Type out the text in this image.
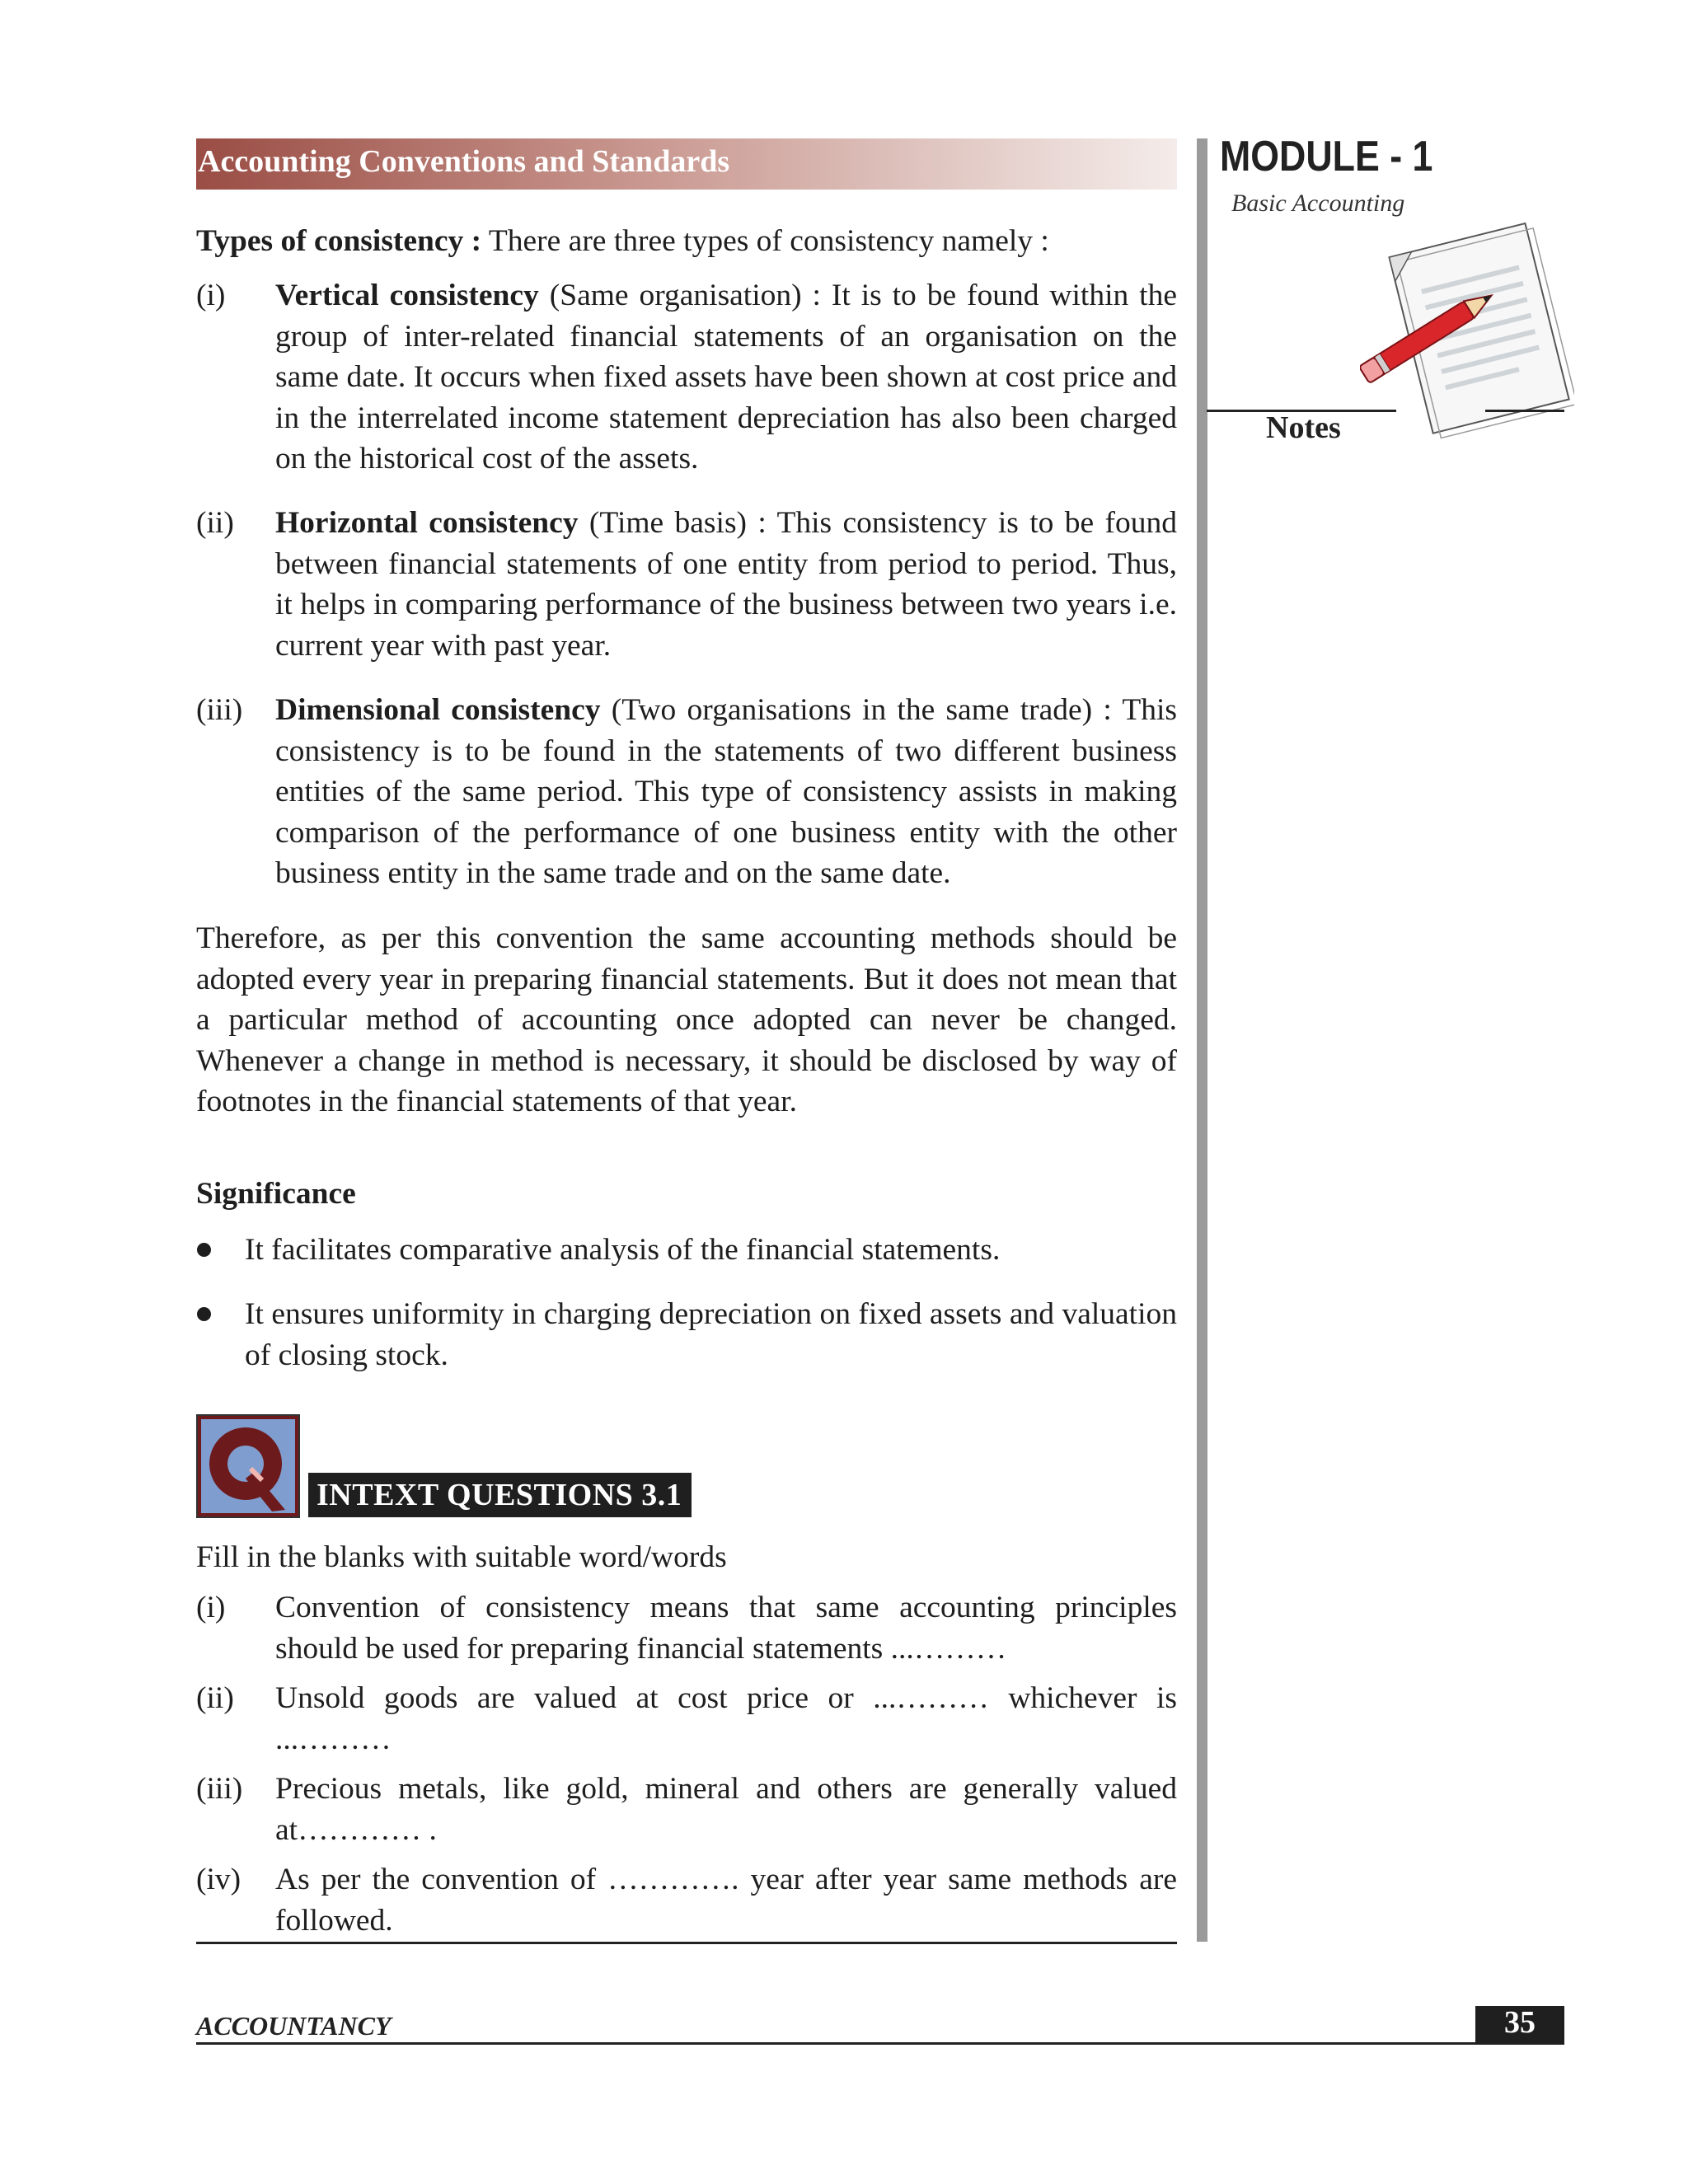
Accounting Conventions and Standards	MODULE - 1
Basic Accounting
Notes
Types of consistency : There are three types of consistency namely :
(i) Vertical consistency (Same organisation) : It is to be found within the group of inter-related financial statements of an organisation on the same date. It occurs when fixed assets have been shown at cost price and in the interrelated income statement depreciation has also been charged on the historical cost of the assets.
(ii) Horizontal consistency (Time basis) : This consistency is to be found between financial statements of one entity from period to period. Thus, it helps in comparing performance of the business between two years i.e. current year with past year.
(iii) Dimensional consistency (Two organisations in the same trade) : This consistency is to be found in the statements of two different business entities of the same period. This type of consistency assists in making comparison of the performance of one business entity with the other business entity in the same trade and on the same date.
Therefore, as per this convention the same accounting methods should be adopted every year in preparing financial statements. But it does not mean that a particular method of accounting once adopted can never be changed. Whenever a change in method is necessary, it should be disclosed by way of footnotes in the financial statements of that year.
Significance
It facilitates comparative analysis of the financial statements.
It ensures uniformity in charging depreciation on fixed assets and valuation of closing stock.
INTEXT QUESTIONS 3.1
Fill in the blanks with suitable word/words
(i) Convention of consistency means that same accounting principles should be used for preparing financial statements ...………
(ii) Unsold goods are valued at cost price or ...……… whichever is ...………
(iii) Precious metals, like gold, mineral and others are generally valued at………… .
(iv) As per the convention of …………. year after year same methods are followed.
ACCOUNTANCY	35
